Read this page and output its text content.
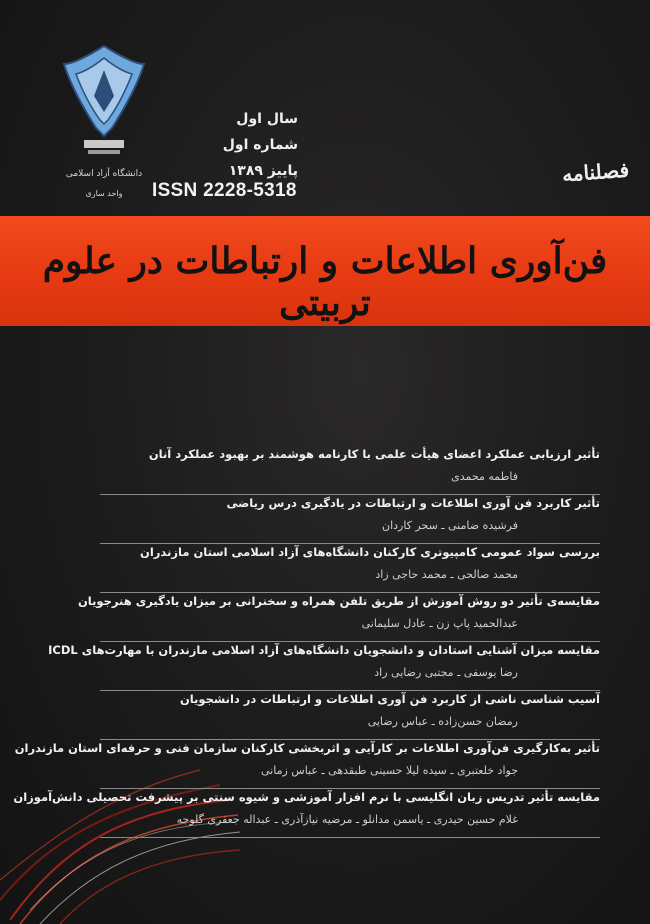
دانشگاه آزاد اسلامی
واحد ساری
سال اول
شماره اول
پاییز ۱۳۸۹
ISSN 2228-5318
فصلنامه
فن‌آوری اطلاعات و ارتباطات در علوم تربیتی
تأثیر ارزیابی عملکرد اعضای هیأت علمی با کارنامه هوشمند بر بهبود عملکرد آنان
فاطمه محمدی
تأثیر کاربرد فن آوری اطلاعات و ارتباطات در یادگیری درس ریاضی
فرشیده ضامنی ـ سحر کاردان
بررسی سواد عمومی کامپیوتری کارکنان دانشگاه‌های آزاد اسلامی استان مازندران
محمد صالحی ـ محمد حاجی زاد
مقایسه‌ی تأثیر دو روش آموزش از طریق تلفن همراه و سخنرانی بر میزان یادگیری هنرجویان
عبدالحمید پاپ زن ـ عادل سلیمانی
مقایسه میزان آشنایی استادان و دانشجویان دانشگاه‌های آزاد اسلامی مازندران با مهارت‌های ICDL
رضا یوسفی ـ مجتبی رضایی راد
آسیب شناسی ناشی از کاربرد فن آوری اطلاعات و ارتباطات در دانشجویان
رمضان حسن‌زاده ـ عباس رضایی
تأثیر به‌کارگیری فن‌آوری اطلاعات بر کارآیی و اثربخشی کارکنان سازمان فنی و حرفه‌ای استان مازندران
جواد خلعتبری ـ سیده لیلا حسینی طبقدهی ـ عباس زمانی
مقایسه تأثیر تدریس زبان انگلیسی با نرم افزار آموزشی و شیوه سنتی بر پیشرفت تحصیلی دانش‌آموزان
غلام حسین حیدری ـ یاسمن مدانلو ـ مرضیه نیازآذری ـ عبداله جعفری گلوجه
